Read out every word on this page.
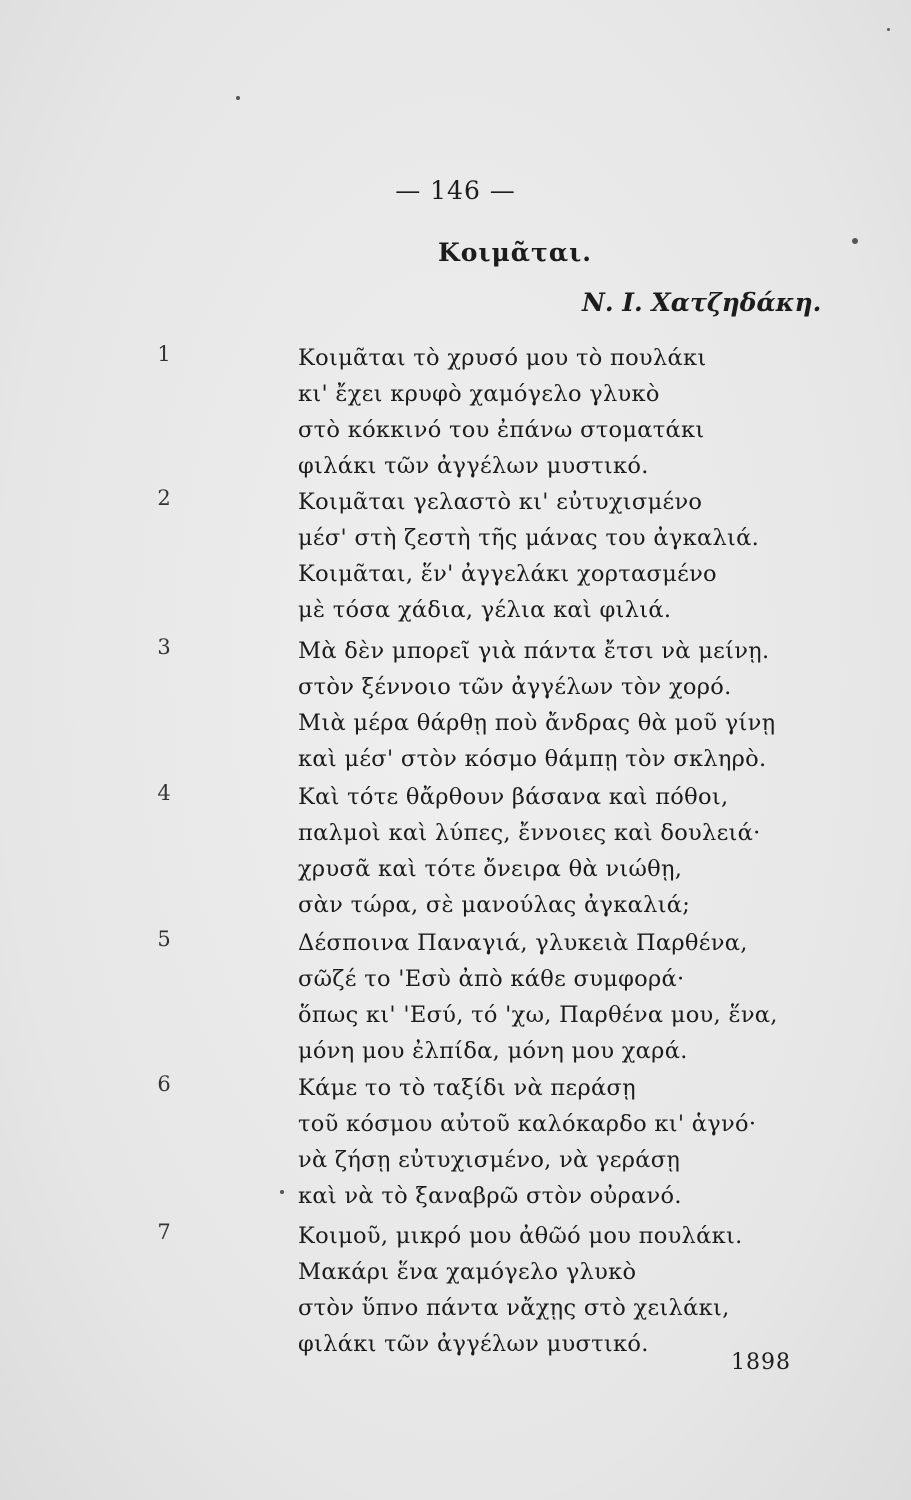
— 146 —
Κοιμᾶται.
Ν. Ι. Χατζηδάκη.
1	Κοιμᾶται τὸ χρυσό μου τὸ πουλάκι
κι' ἔχει κρυφὸ χαμόγελο γλυκὸ
στὸ κόκκινό του ἐπάνω στοματάκι
φιλάκι τῶν ἀγγέλων μυστικό.
2	Κοιμᾶται γελαστὸ κι' εὐτυχισμένο
μέσ' στὴ ζεστὴ τῆς μάνας του ἀγκαλιά.
Κοιμᾶται, ἕν' ἀγγελάκι χορτασμένο
μὲ τόσα χάδια, γέλια καὶ φιλιά.
3	Μὰ δὲν μπορεῖ γιὰ πάντα ἔτσι νὰ μείνῃ.
στὸν ξέννοιο τῶν ἀγγέλων τὸν χορό.
Μιὰ μέρα θάρθῃ ποὺ ἄνδρας θὰ μοῦ γίνῃ
καὶ μέσ' στὸν κόσμο θάμπῃ τὸν σκληρὸ.
4	Καὶ τότε θἄρθουν βάσανα καὶ πόθοι,
παλμοὶ καὶ λύπες, ἔννοιες καὶ δουλειά·
χρυσᾶ καὶ τότε ὄνειρα θὰ νιώθῃ,
σὰν τώρα, σὲ μανούλας ἀγκαλιά;
5	Δέσποινα Παναγιά, γλυκειὰ Παρθένα,
σῶζέ το 'Εσὺ ἀπὸ κάθε συμφορά·
ὅπως κι' 'Εσύ, τό 'χω, Παρθένα μου, ἕνα,
μόνη μου ἐλπίδα, μόνη μου χαρά.
6	Κάμε το τὸ ταξίδι νὰ περάσῃ
τοῦ κόσμου αὐτοῦ καλόκαρδο κι' ἁγνό·
νὰ ζήσῃ εὐτυχισμένο, νὰ γεράσῃ
καὶ νὰ τὸ ξαναβρῶ στὸν οὐρανό.
7	Κοιμοῦ, μικρό μου ἀθῶό μου πουλάκι.
Μακάρι ἕνα χαμόγελο γλυκὸ
στὸν ὕπνο πάντα νἄχῃς στὸ χειλάκι,
φιλάκι τῶν ἀγγέλων μυστικό.
1898
